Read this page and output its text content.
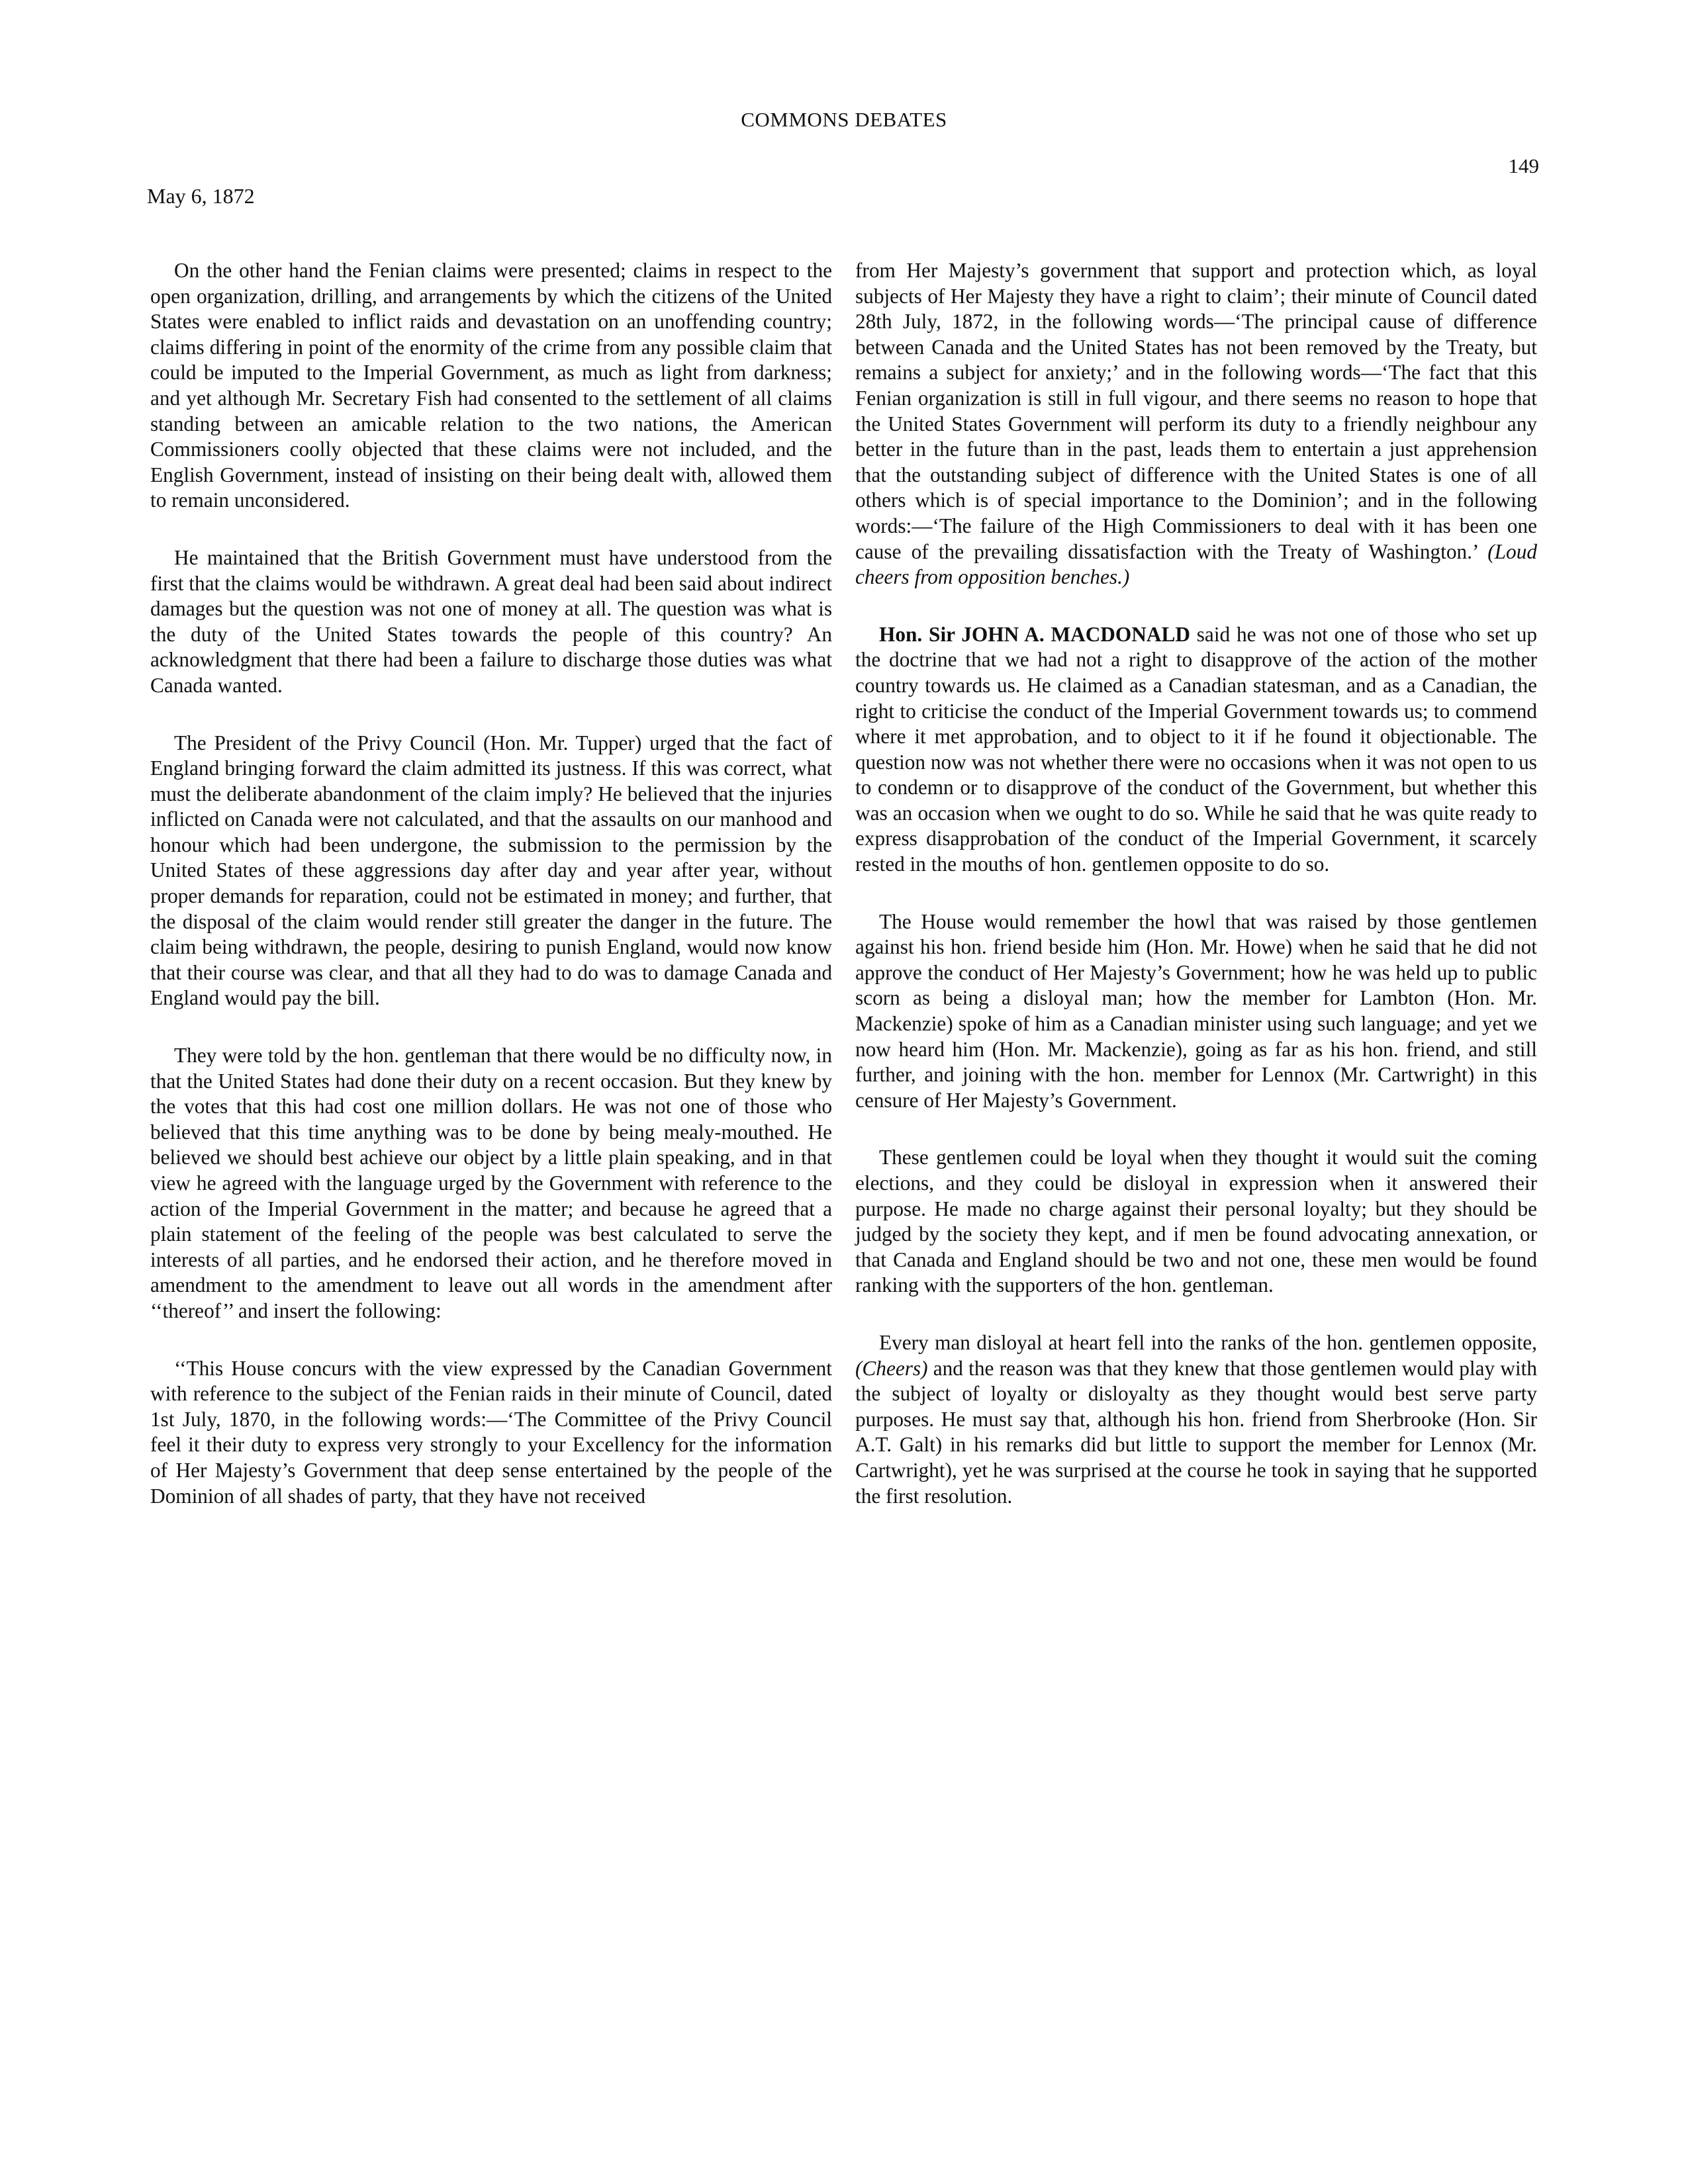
COMMONS DEBATES
149
May 6, 1872

On the other hand the Fenian claims were presented; claims in respect to the open organization, drilling, and arrangements by which the citizens of the United States were enabled to inflict raids and devastation on an unoffending country; claims differing in point of the enormity of the crime from any possible claim that could be imputed to the Imperial Government, as much as light from darkness; and yet although Mr. Secretary Fish had consented to the settlement of all claims standing between an amicable relation to the two nations, the American Commissioners coolly objected that these claims were not included, and the English Government, instead of insisting on their being dealt with, allowed them to remain unconsidered.

He maintained that the British Government must have understood from the first that the claims would be withdrawn. A great deal had been said about indirect damages but the question was not one of money at all. The question was what is the duty of the United States towards the people of this country? An acknowledgment that there had been a failure to discharge those duties was what Canada wanted.

The President of the Privy Council (Hon. Mr. Tupper) urged that the fact of England bringing forward the claim admitted its justness. If this was correct, what must the deliberate abandonment of the claim imply? He believed that the injuries inflicted on Canada were not calculated, and that the assaults on our manhood and honour which had been undergone, the submission to the permission by the United States of these aggressions day after day and year after year, without proper demands for reparation, could not be estimated in money; and further, that the disposal of the claim would render still greater the danger in the future. The claim being withdrawn, the people, desiring to punish England, would now know that their course was clear, and that all they had to do was to damage Canada and England would pay the bill.

They were told by the hon. gentleman that there would be no difficulty now, in that the United States had done their duty on a recent occasion. But they knew by the votes that this had cost one million dollars. He was not one of those who believed that this time anything was to be done by being mealy-mouthed. He believed we should best achieve our object by a little plain speaking, and in that view he agreed with the language urged by the Government with reference to the action of the Imperial Government in the matter; and because he agreed that a plain statement of the feeling of the people was best calculated to serve the interests of all parties, and he endorsed their action, and he therefore moved in amendment to the amendment to leave out all words in the amendment after ‘‘thereof’’ and insert the following:

‘‘This House concurs with the view expressed by the Canadian Government with reference to the subject of the Fenian raids in their minute of Council, dated 1st July, 1870, in the following words:—‘The Committee of the Privy Council feel it their duty to express very strongly to your Excellency for the information of Her Majesty’s Government that deep sense entertained by the people of the Dominion of all shades of party, that they have not received

from Her Majesty’s government that support and protection which, as loyal subjects of Her Majesty they have a right to claim’; their minute of Council dated 28th July, 1872, in the following words—‘The principal cause of difference between Canada and the United States has not been removed by the Treaty, but remains a subject for anxiety;’ and in the following words—‘The fact that this Fenian organization is still in full vigour, and there seems no reason to hope that the United States Government will perform its duty to a friendly neighbour any better in the future than in the past, leads them to entertain a just apprehension that the outstanding subject of difference with the United States is one of all others which is of special importance to the Dominion’; and in the following words:—‘The failure of the High Commissioners to deal with it has been one cause of the prevailing dissatisfaction with the Treaty of Washington.’ (Loud cheers from opposition benches.)

Hon. Sir JOHN A. MACDONALD said he was not one of those who set up the doctrine that we had not a right to disapprove of the action of the mother country towards us. He claimed as a Canadian statesman, and as a Canadian, the right to criticise the conduct of the Imperial Government towards us; to commend where it met approbation, and to object to it if he found it objectionable. The question now was not whether there were no occasions when it was not open to us to condemn or to disapprove of the conduct of the Government, but whether this was an occasion when we ought to do so. While he said that he was quite ready to express disapprobation of the conduct of the Imperial Government, it scarcely rested in the mouths of hon. gentlemen opposite to do so.

The House would remember the howl that was raised by those gentlemen against his hon. friend beside him (Hon. Mr. Howe) when he said that he did not approve the conduct of Her Majesty’s Government; how he was held up to public scorn as being a disloyal man; how the member for Lambton (Hon. Mr. Mackenzie) spoke of him as a Canadian minister using such language; and yet we now heard him (Hon. Mr. Mackenzie), going as far as his hon. friend, and still further, and joining with the hon. member for Lennox (Mr. Cartwright) in this censure of Her Majesty’s Government.

These gentlemen could be loyal when they thought it would suit the coming elections, and they could be disloyal in expression when it answered their purpose. He made no charge against their personal loyalty; but they should be judged by the society they kept, and if men be found advocating annexation, or that Canada and England should be two and not one, these men would be found ranking with the supporters of the hon. gentleman.

Every man disloyal at heart fell into the ranks of the hon. gentlemen opposite, (Cheers) and the reason was that they knew that those gentlemen would play with the subject of loyalty or disloyalty as they thought would best serve party purposes. He must say that, although his hon. friend from Sherbrooke (Hon. Sir A.T. Galt) in his remarks did but little to support the member for Lennox (Mr. Cartwright), yet he was surprised at the course he took in saying that he supported the first resolution.
